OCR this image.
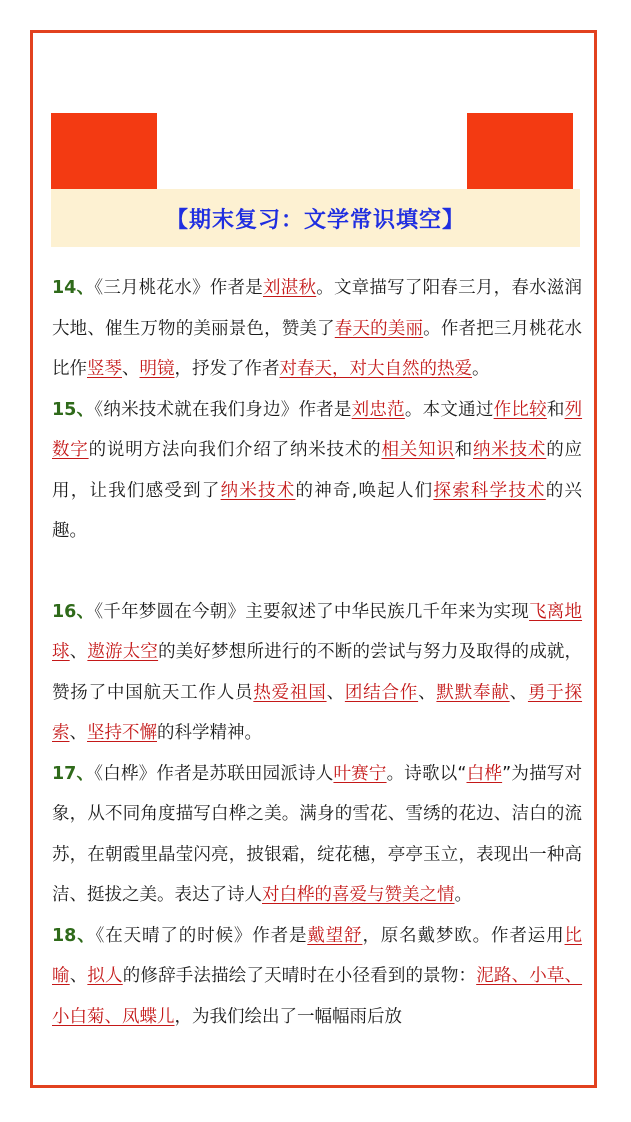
【期末复习：文学常识填空】

14、《三月桃花水》作者是刘湛秋。文章描写了阳春三月，春水滋润大地、催生万物的美丽景色，赞美了春天的美丽。作者把三月桃花水比作竖琴、明镜，抒发了作者对春天，对大自然的热爱。

15、《纳米技术就在我们身边》作者是刘忠范。本文通过作比较和列数字的说明方法向我们介绍了纳米技术的相关知识和纳米技术的应用，让我们感受到了纳米技术的神奇,唤起人们探索科学技术的兴趣。

16、《千年梦圆在今朝》主要叙述了中华民族几千年来为实现飞离地球、遨游太空的美好梦想所进行的不断的尝试与努力及取得的成就，赞扬了中国航天工作人员热爱祖国、团结合作、默默奉献、勇于探索、坚持不懈的科学精神。

17、《白桦》作者是苏联田园派诗人叶赛宁。诗歌以“白桦”为描写对象，从不同角度描写白桦之美。满身的雪花、雪绣的花边、洁白的流苏，在朝霞里晶莹闪亮，披银霜，绽花穗，亭亭玉立，表现出一种高洁、挺拔之美。表达了诗人对白桦的喜爱与赞美之情。

18、《在天晴了的时候》作者是戴望舒，原名戴梦欧。作者运用比喻、拟人的修辞手法描绘了天晴时在小径看到的景物：泥路、小草、小白菊、凤蝶儿，为我们绘出了一幅幅雨后放
